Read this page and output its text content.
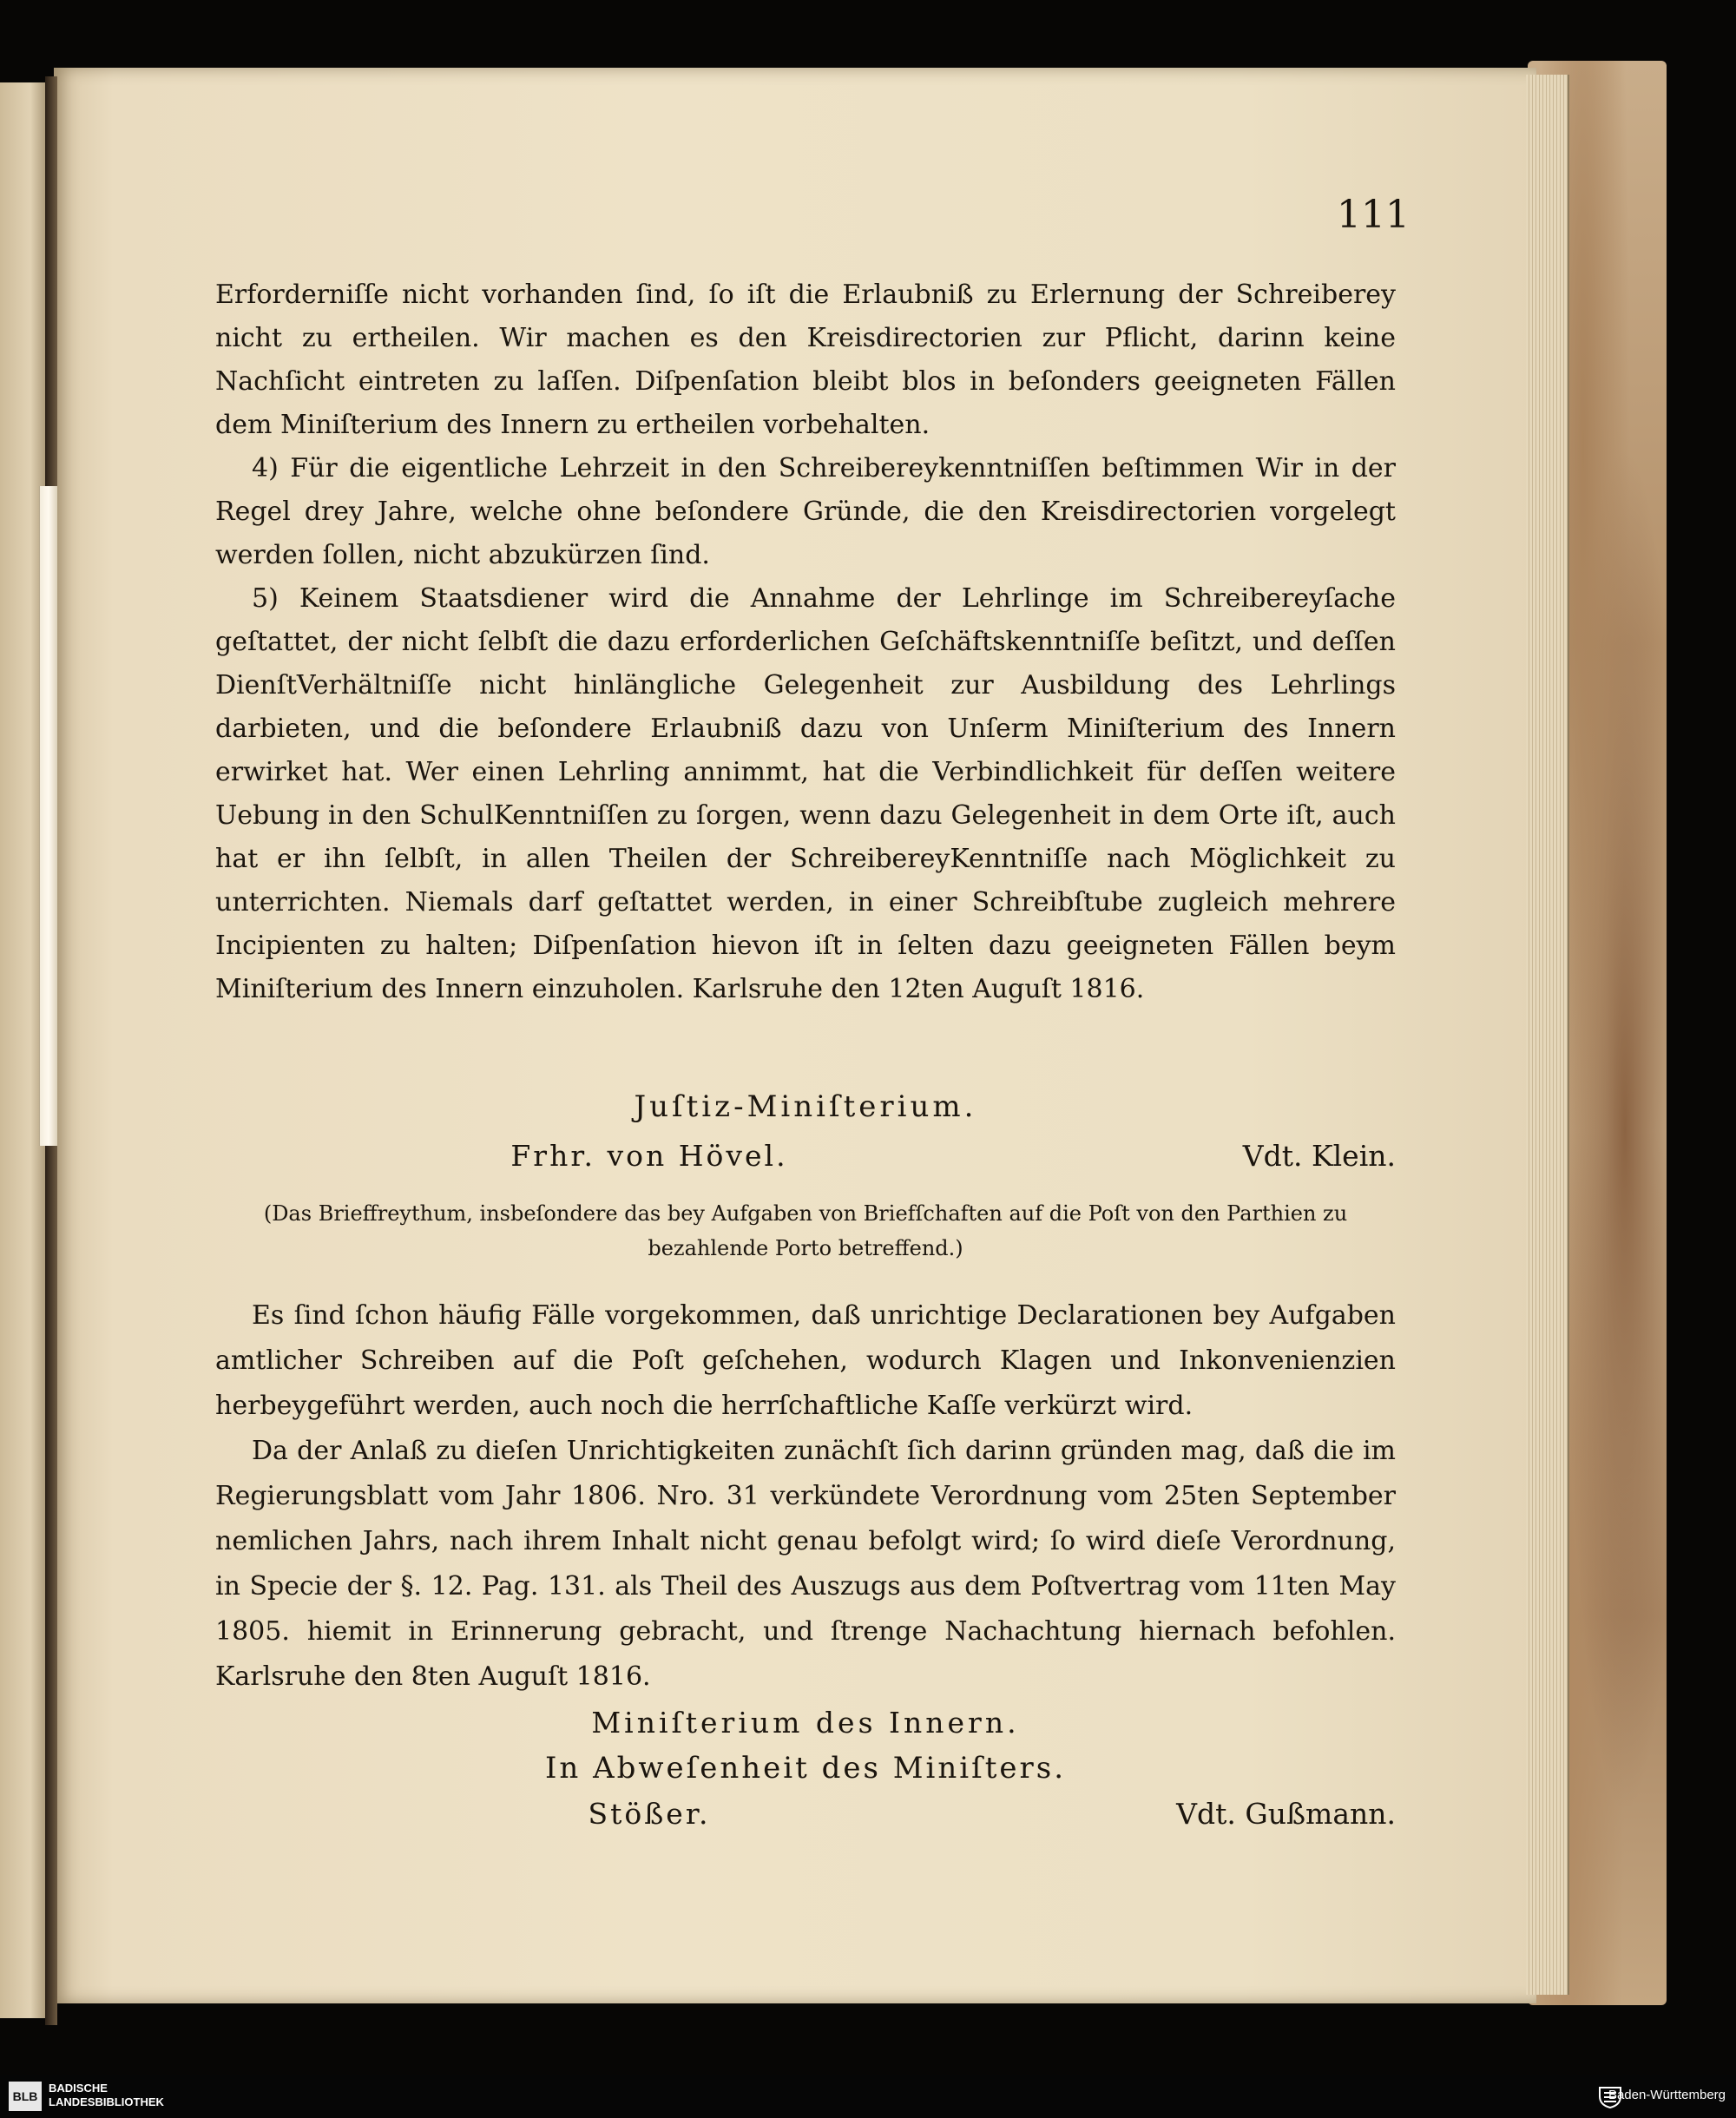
111

Erforderniſſe nicht vorhanden ſind, ſo iſt die Erlaubniß zu Erlernung der Schreiberey nicht zu ertheilen. Wir machen es den Kreisdirectorien zur Pflicht, darinn keine Nachſicht eintreten zu laſſen. Diſpenſation bleibt blos in beſonders geeigneten Fällen dem Miniſterium des Innern zu ertheilen vorbehalten.

4) Für die eigentliche Lehrzeit in den Schreibereykenntniſſen beſtimmen Wir in der Regel drey Jahre, welche ohne beſondere Gründe, die den Kreisdirectorien vorgelegt werden ſollen, nicht abzukürzen ſind.

5) Keinem Staatsdiener wird die Annahme der Lehrlinge im Schreibereyſache geſtattet, der nicht ſelbſt die dazu erforderlichen Geſchäftskenntniſſe beſitzt, und deſſen DienſtVerhältniſſe nicht hinlängliche Gelegenheit zur Ausbildung des Lehrlings darbieten, und die beſondere Erlaubniß dazu von Unſerm Miniſterium des Innern erwirket hat. Wer einen Lehrling annimmt, hat die Verbindlichkeit für deſſen weitere Uebung in den SchulKenntniſſen zu ſorgen, wenn dazu Gelegenheit in dem Orte iſt, auch hat er ihn ſelbſt, in allen Theilen der SchreibereyKenntniſſe nach Möglichkeit zu unterrichten. Niemals darf geſtattet werden, in einer Schreibſtube zugleich mehrere Incipienten zu halten; Diſpenſation hievon iſt in ſelten dazu geeigneten Fällen beym Miniſterium des Innern einzuholen. Karlsruhe den 12ten Auguſt 1816.

Juſtiz-Miniſterium.
Frhr. von Hövel.	Vdt. Klein.
(Das Brieffreythum, insbeſondere das bey Aufgaben von Briefſchaften auf die Poſt von den Parthien zu bezahlende Porto betreffend.)

Es ſind ſchon häufig Fälle vorgekommen, daß unrichtige Declarationen bey Aufgaben amtlicher Schreiben auf die Poſt geſchehen, wodurch Klagen und Inkonvenienzien herbeygeführt werden, auch noch die herrſchaftliche Kaſſe verkürzt wird.

Da der Anlaß zu dieſen Unrichtigkeiten zunächſt ſich darinn gründen mag, daß die im Regierungsblatt vom Jahr 1806. Nro. 31 verkündete Verordnung vom 25ten September nemlichen Jahrs, nach ihrem Inhalt nicht genau befolgt wird; ſo wird dieſe Verordnung, in Specie der §. 12. Pag. 131. als Theil des Auszugs aus dem Poſtvertrag vom 11ten May 1805. hiemit in Erinnerung gebracht, und ſtrenge Nachachtung hiernach befohlen. Karlsruhe den 8ten Auguſt 1816.

Miniſterium des Innern.
In Abweſenheit des Miniſters.
Stößer.	Vdt. Gußmann.
BLB
BADISCHE
LANDESBIBLIOTHEK	Baden-Württemberg
